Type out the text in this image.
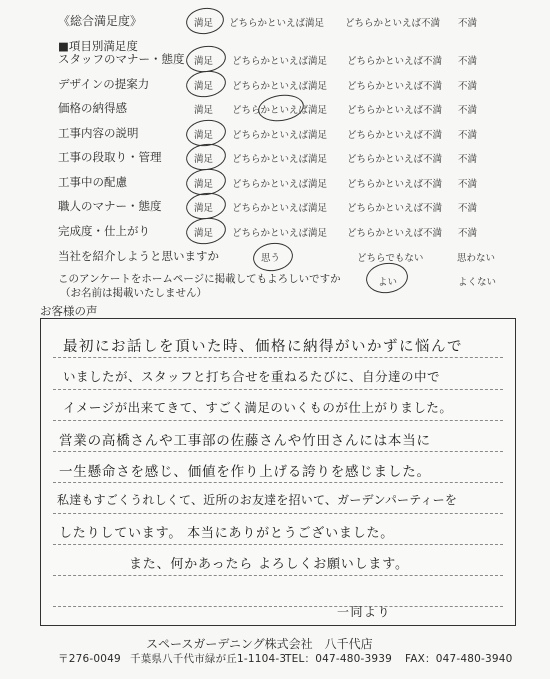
《総合満足度》	満足 どちらかといえば満足 どちらかといえば不満 不満
■項目別満足度
スタッフのマナー・態度 満足 どちらかといえば満足 どちらかといえば不満 不満
デザインの提案力	満足 どちらかといえば満足 どちらかといえば不満 不満
価格の納得感	満足 どちらかといえば満足 どちらかといえば不満 不満
工事内容の説明	満足 どちらかといえば満足 どちらかといえば不満 不満
工事の段取り・管理	満足 どちらかといえば満足 どちらかといえば不満 不満
工事中の配慮	満足 どちらかといえば満足 どちらかといえば不満 不満
職人のマナー・態度	満足 どちらかといえば満足 どちらかといえば不満 不満
完成度・仕上がり	満足 どちらかといえば満足 どちらかといえば不満 不満
当社を紹介しようと思いますか	思う	どちらでもない	思わない
このアンケートをホームページに掲載してもよろしいですか
（お名前は掲載いたしません）
よい	よくない
お客様の声
最初にお話しを頂いた時、価格に納得がいかずに悩んで
いましたが、スタッフと打ち合せを重ねるたびに、自分達の中で
イメージが出来てきて、すごく満足のいくものが仕上がりました。
営業の高橋さんや工事部の佐藤さんや竹田さんには本当に
一生懸命さを感じ、価値を作り上げる誇りを感じました。
私達もすごくうれしくて、近所のお友達を招いて、ガーデンパーティーを
したりしています。 本当にありがとうございました。
また、何かあったら よろしくお願いします。
一同より
スペースガーデニング株式会社　八千代店
〒276-0049 千葉県八千代市緑が丘1-1104-3
TEL：047-480-3939 FAX：047-480-3940
